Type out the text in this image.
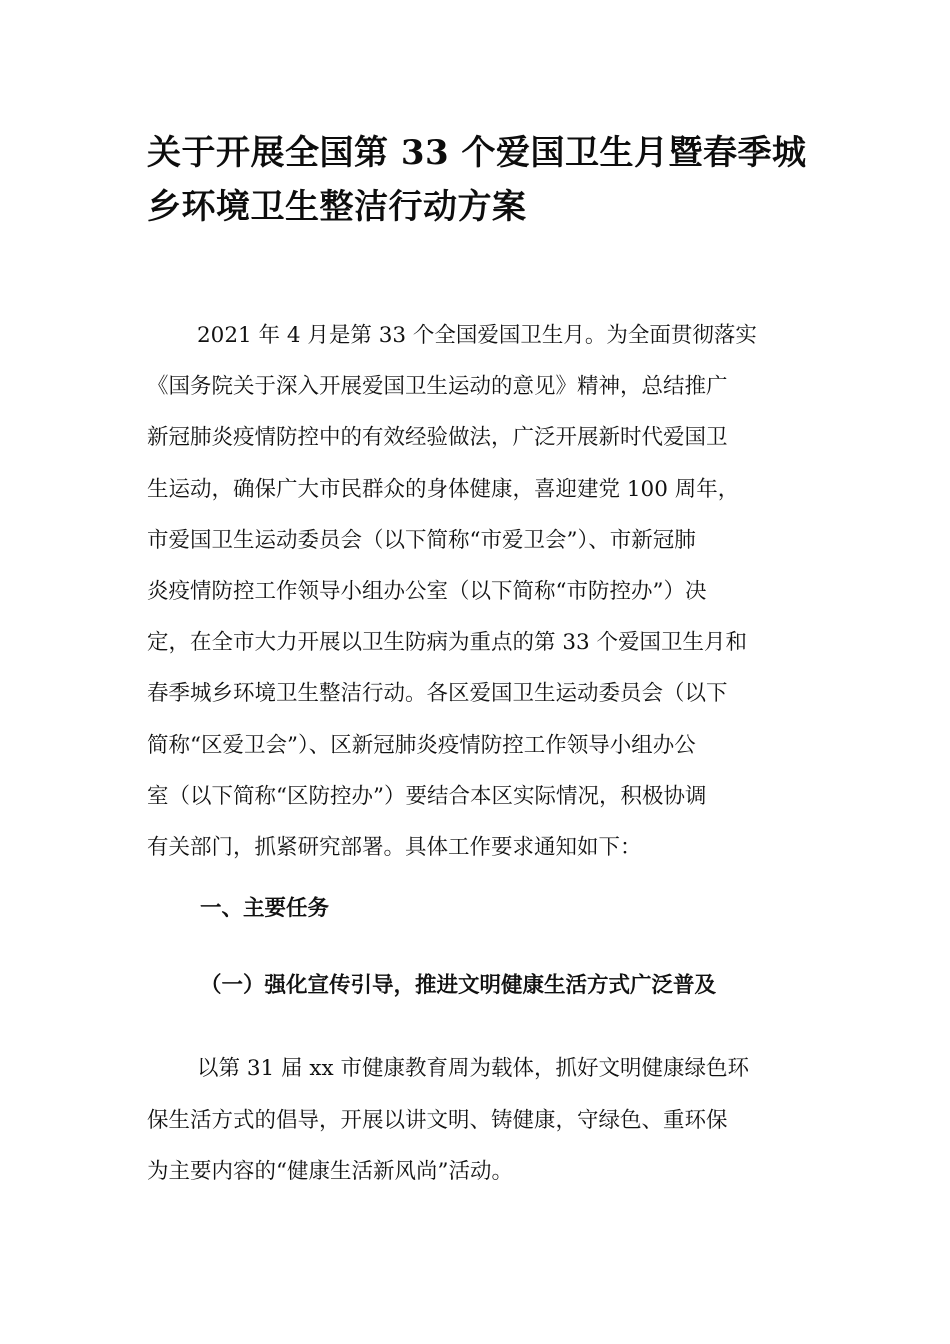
关于开展全国第 33 个爱国卫生月暨春季城
乡环境卫生整洁行动方案
2021 年 4 月是第 33 个全国爱国卫生月。为全面贯彻落实
《国务院关于深入开展爱国卫生运动的意见》精神，总结推广
新冠肺炎疫情防控中的有效经验做法，广泛开展新时代爱国卫
生运动，确保广大市民群众的身体健康，喜迎建党 100 周年，
市爱国卫生运动委员会（以下简称“市爱卫会”）、市新冠肺
炎疫情防控工作领导小组办公室（以下简称“市防控办”）决
定，在全市大力开展以卫生防病为重点的第 33 个爱国卫生月和
春季城乡环境卫生整洁行动。各区爱国卫生运动委员会（以下
简称“区爱卫会”）、区新冠肺炎疫情防控工作领导小组办公
室（以下简称“区防控办”）要结合本区实际情况，积极协调
有关部门，抓紧研究部署。具体工作要求通知如下：
一、主要任务
（一）强化宣传引导，推进文明健康生活方式广泛普及
以第 31 届 xx 市健康教育周为载体，抓好文明健康绿色环
保生活方式的倡导，开展以讲文明、铸健康，守绿色、重环保
为主要内容的“健康生活新风尚”活动。
